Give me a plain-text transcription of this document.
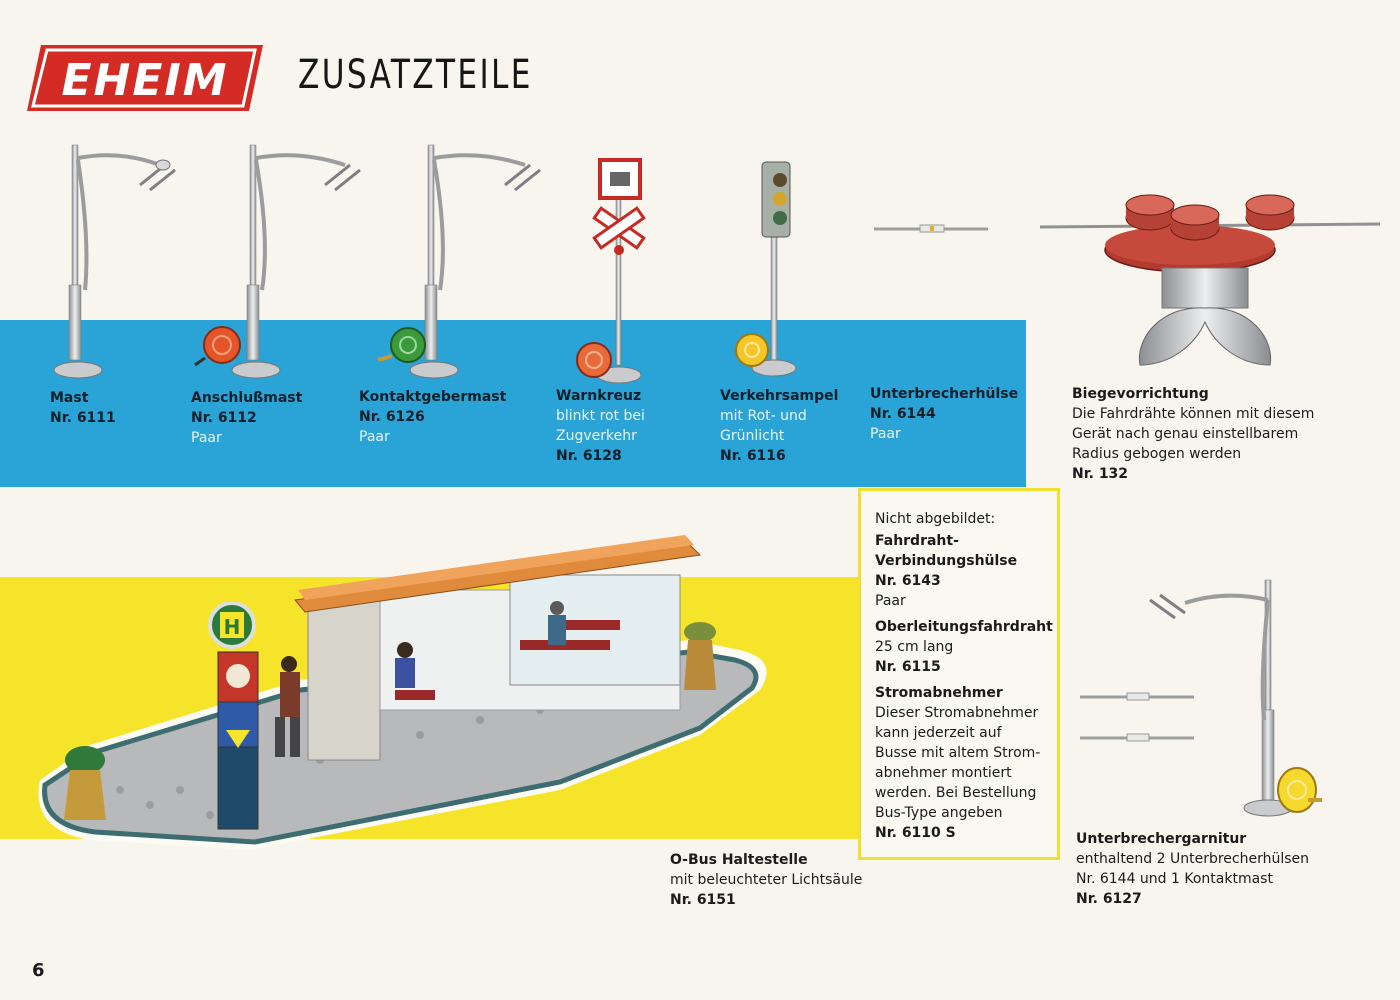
EHEIM ZUSATZTEILE
H
Mast
Nr. 6111
Anschlußmast
Nr. 6112
Paar
Kontaktgebermast
Nr. 6126
Paar
Warnkreuz
blinkt rot bei
Zugverkehr
Nr. 6128
Verkehrsampel
mit Rot- und
Grünlicht
Nr. 6116
Unterbrecherhülse
Nr. 6144
Paar
Biegevorrichtung
Die Fahrdrähte können mit diesem
Gerät nach genau einstellbarem
Radius gebogen werden
Nr. 132
Nicht abgebildet:
Fahrdraht-
Verbindungshülse
Nr. 6143
Paar
Oberleitungsfahrdraht
25 cm lang
Nr. 6115
Stromabnehmer
Dieser Stromabnehmer
kann jederzeit auf
Busse mit altem Strom-
abnehmer montiert
werden. Bei Bestellung
Bus-Type angeben
Nr. 6110 S
O-Bus Haltestelle
mit beleuchteter Lichtsäule
Nr. 6151
Unterbrechergarnitur
enthaltend 2 Unterbrecherhülsen
Nr. 6144 und 1 Kontaktmast
Nr. 6127
6
